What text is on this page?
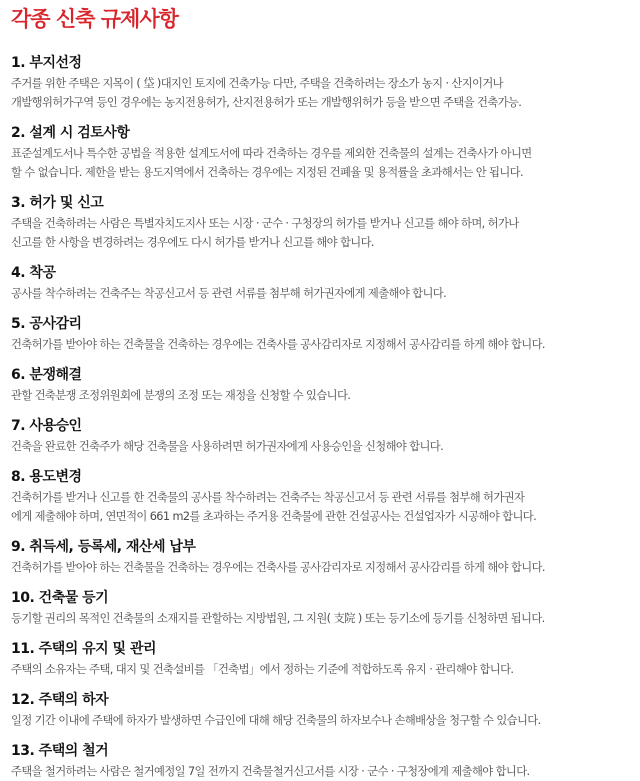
각종 신축 규제사항
1. 부지선정
주거를 위한 주택은 지목이 ( 垈 )대지인 토지에 건축가능 다만, 주택을 건축하려는 장소가 농지 · 산지이거나
개발행위허가구역 등인 경우에는 농지전용허가, 산지전용허가 또는 개발행위허가 등을 받으면 주택을 건축가능.
2. 설계 시 검토사항
표준설계도서나 특수한 공법을 적용한 설계도서에 따라 건축하는 경우를 제외한 건축물의 설계는 건축사가 아니면
할 수 없습니다. 제한을 받는 용도지역에서 건축하는 경우에는 지정된 건폐율 및 용적률을 초과해서는 안 됩니다.
3. 허가 및 신고
주택을 건축하려는 사람은 특별자치도지사 또는 시장 · 군수 · 구청장의 허가를 받거나 신고를 해야 하며, 허가나
신고를 한 사항을 변경하려는 경우에도 다시 허가를 받거나 신고를 해야 합니다.
4. 착공
공사를 착수하려는 건축주는 착공신고서 등 관련 서류를 첨부해 허가권자에게 제출해야 합니다.
5. 공사감리
건축허가를 받아야 하는 건축물을 건축하는 경우에는 건축사를 공사감리자로 지정해서 공사감리를 하게 해야 합니다.
6. 분쟁해결
관할 건축분쟁 조정위원회에 분쟁의 조정 또는 재정을 신청할 수 있습니다.
7. 사용승인
건축을 완료한 건축주가 해당 건축물을 사용하려면 허가권자에게 사용승인을 신청해야 합니다.
8. 용도변경
건축허가를 받거나 신고를 한 건축물의 공사를 착수하려는 건축주는 착공신고서 등 관련 서류를 첨부해 허가권자
에게 제출해야 하며, 연면적이 661 m2를 초과하는 주거용 건축물에 관한 건설공사는 건설업자가 시공해야 합니다.
9. 취득세, 등록세, 재산세 납부
건축허가를 받아야 하는 건축물을 건축하는 경우에는 건축사를 공사감리자로 지정해서 공사감리를 하게 해야 합니다.
10. 건축물 등기
등기할 권리의 목적인 건축물의 소재지를 관할하는 지방법원, 그 지원( 支院 ) 또는 등기소에 등기를 신청하면 됩니다.
11. 주택의 유지 및 관리
주택의 소유자는 주택, 대지 및 건축설비를 「건축법」에서 정하는 기준에 적합하도록 유지 · 관리해야 합니다.
12. 주택의 하자
일정 기간 이내에 주택에 하자가 발생하면 수급인에 대해 해당 건축물의 하자보수나 손해배상을 청구할 수 있습니다.
13. 주택의 철거
주택을 철거하려는 사람은 철거예정일 7일 전까지 건축물철거신고서를 시장 · 군수 · 구청장에게 제출해야 합니다.
